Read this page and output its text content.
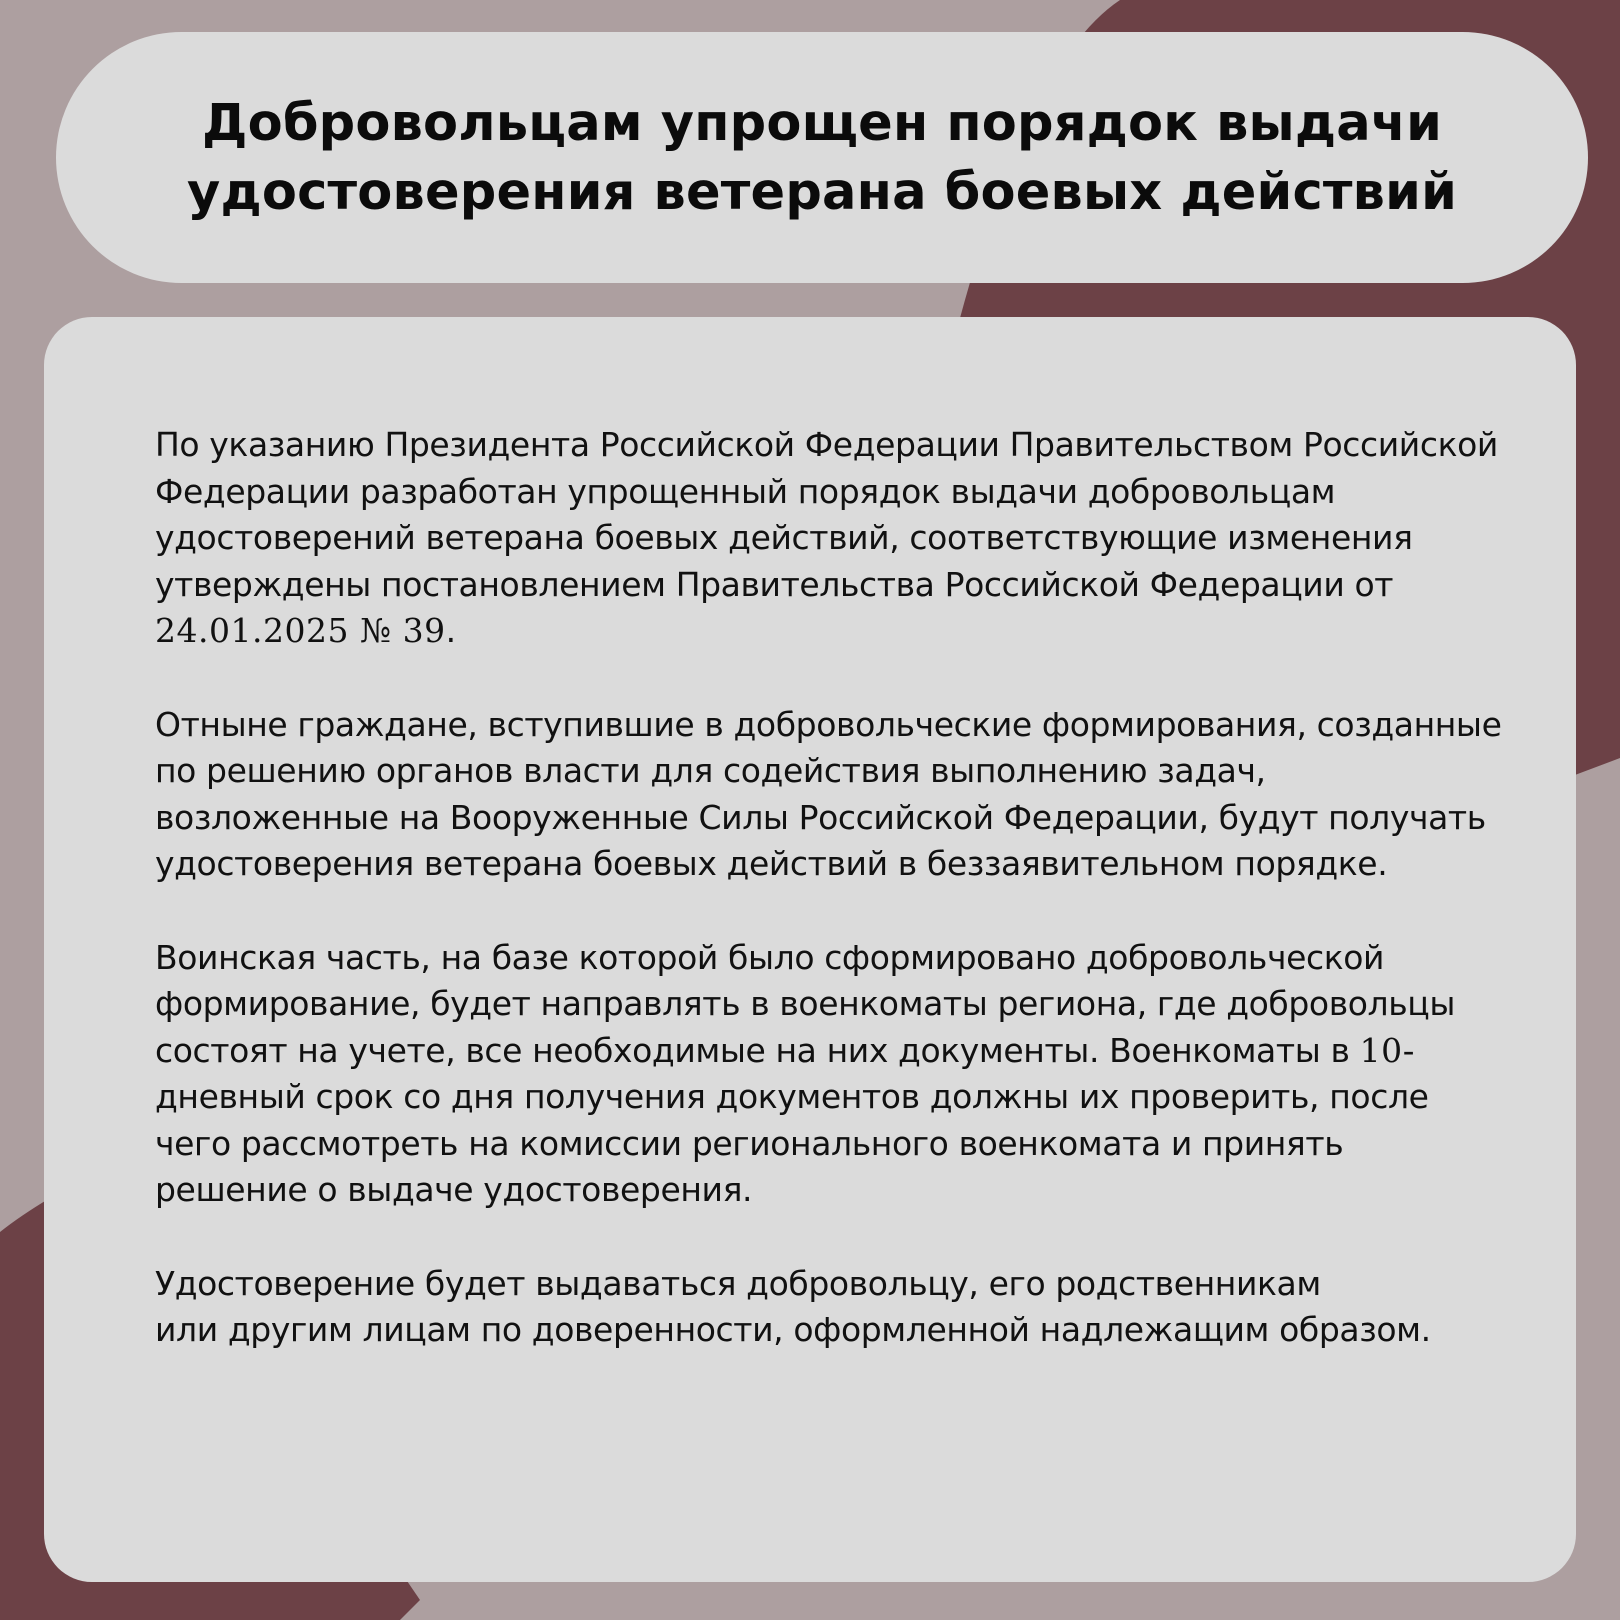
Добровольцам упрощен порядок выдачи
удостоверения ветерана боевых действий

По указанию Президента Российской Федерации Правительством Российской Федерации разработан упрощенный порядок выдачи добровольцам удостоверений ветерана боевых действий, соответствующие изменения утверждены постановлением Правительства Российской Федерации от 24.01.2025 № 39.

Отныне граждане, вступившие в добровольческие формирования, созданные по решению органов власти для содействия выполнению задач, возложенные на Вооруженные Силы Российской Федерации, будут получать удостоверения ветерана боевых действий в беззаявительном порядке.

Воинская часть, на базе которой было сформировано добровольческой формирование, будет направлять в военкоматы региона, где добровольцы состоят на учете, все необходимые на них документы. Военкоматы в 10-дневный срок со дня получения документов должны их проверить, после чего рассмотреть на комиссии регионального военкомата и принять решение о выдаче удостоверения.

Удостоверение будет выдаваться добровольцу, его родственникам
или другим лицам по доверенности, оформленной надлежащим образом.
